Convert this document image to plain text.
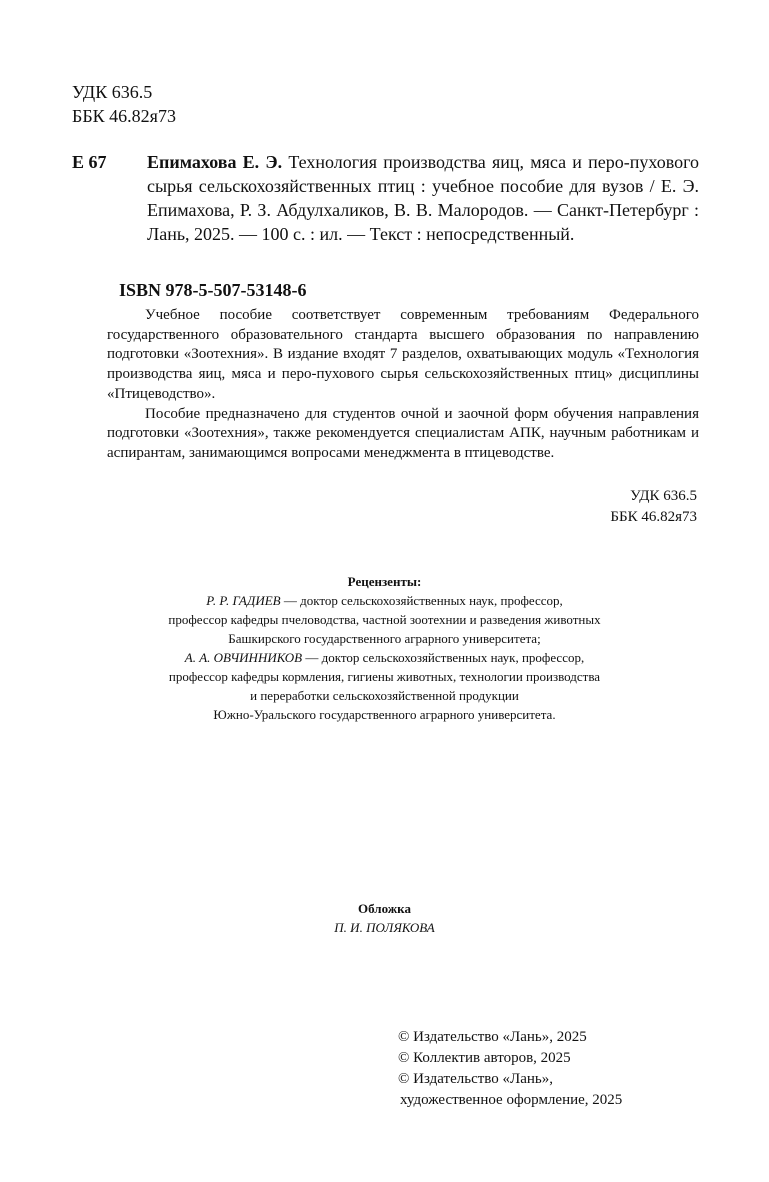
УДК 636.5
ББК 46.82я73
Е 67 Епимахова Е. Э. Технология производства яиц, мяса и перо-пухового сырья сельскохозяйственных птиц : учебное пособие для вузов / Е. Э. Епимахова, Р. З. Абдулхаликов, В. В. Малородов. — Санкт-Петербург : Лань, 2025. — 100 с. : ил. — Текст : непосредственный.
ISBN 978-5-507-53148-6

Учебное пособие соответствует современным требованиям Федерального государственного образовательного стандарта высшего образования по направлению подготовки «Зоотехния». В издание входят 7 разделов, охватывающих модуль «Технология производства яиц, мяса и перо-пухового сырья сельскохозяйственных птиц» дисциплины «Птицеводство».

Пособие предназначено для студентов очной и заочной форм обучения направления подготовки «Зоотехния», также рекомендуется специалистам АПК, научным работникам и аспирантам, занимающимся вопросами менеджмента в птицеводстве.

УДК 636.5
ББК 46.82я73
Рецензенты:
Р. Р. ГАДИЕВ — доктор сельскохозяйственных наук, профессор,
профессор кафедры пчеловодства, частной зоотехнии и разведения животных
Башкирского государственного аграрного университета;
А. А. ОВЧИННИКОВ — доктор сельскохозяйственных наук, профессор,
профессор кафедры кормления, гигиены животных, технологии производства
и переработки сельскохозяйственной продукции
Южно-Уральского государственного аграрного университета.
Обложка
П. И. ПОЛЯКОВА
© Издательство «Лань», 2025
© Коллектив авторов, 2025
© Издательство «Лань»,
художественное оформление, 2025
